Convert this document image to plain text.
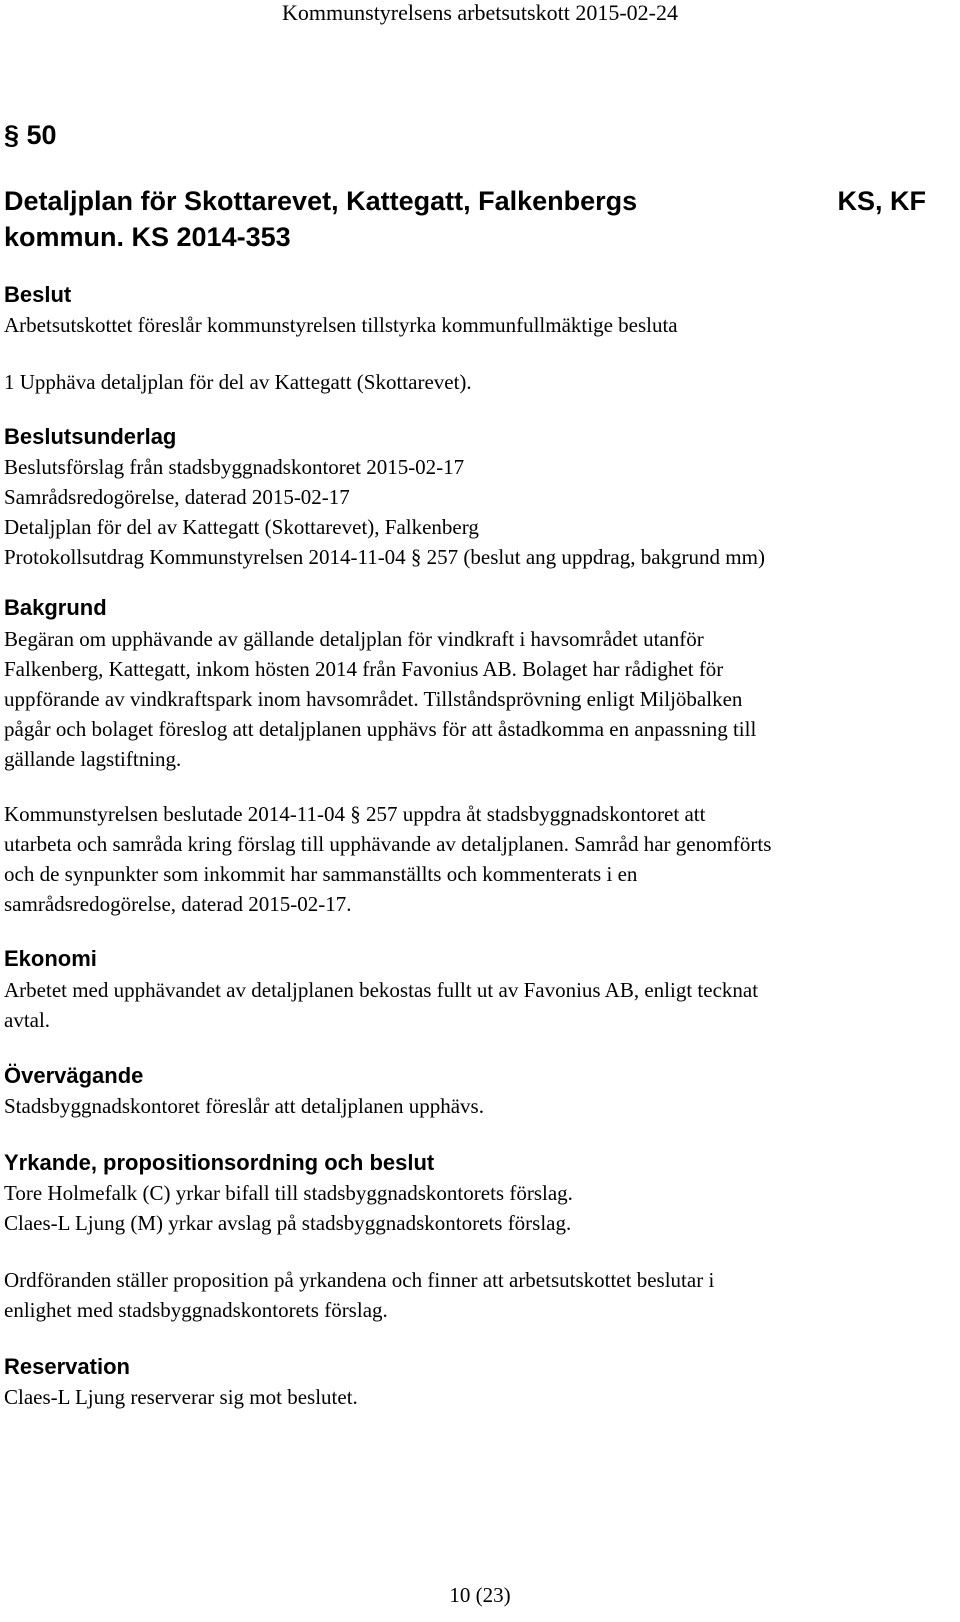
Kommunstyrelsens arbetsutskott 2015-02-24
§ 50
Detaljplan för Skottarevet, Kattegatt, Falkenbergs
kommun. KS 2014-353
KS, KF
Beslut
Arbetsutskottet föreslår kommunstyrelsen tillstyrka kommunfullmäktige besluta
1 Upphäva detaljplan för del av Kattegatt (Skottarevet).
Beslutsunderlag
Beslutsförslag från stadsbyggnadskontoret 2015-02-17
Samrådsredogörelse, daterad 2015-02-17
Detaljplan för del av Kattegatt (Skottarevet), Falkenberg
Protokollsutdrag Kommunstyrelsen 2014-11-04 § 257 (beslut ang uppdrag, bakgrund mm)
Bakgrund
Begäran om upphävande av gällande detaljplan för vindkraft i havsområdet utanför
Falkenberg, Kattegatt, inkom hösten 2014 från Favonius AB. Bolaget har rådighet för
uppförande av vindkraftspark inom havsområdet. Tillståndsprövning enligt Miljöbalken
pågår och bolaget föreslog att detaljplanen upphävs för att åstadkomma en anpassning till
gällande lagstiftning.
Kommunstyrelsen beslutade 2014-11-04 § 257 uppdra åt stadsbyggnadskontoret att
utarbeta och samråda kring förslag till upphävande av detaljplanen. Samråd har genomförts
och de synpunkter som inkommit har sammanställts och kommenterats i en
samrådsredogörelse, daterad 2015-02-17.
Ekonomi
Arbetet med upphävandet av detaljplanen bekostas fullt ut av Favonius AB, enligt tecknat
avtal.
Övervägande
Stadsbyggnadskontoret föreslår att detaljplanen upphävs.
Yrkande, propositionsordning och beslut
Tore Holmefalk (C) yrkar bifall till stadsbyggnadskontorets förslag.
Claes-L Ljung (M) yrkar avslag på stadsbyggnadskontorets förslag.
Ordföranden ställer proposition på yrkandena och finner att arbetsutskottet beslutar i
enlighet med stadsbyggnadskontorets förslag.
Reservation
Claes-L Ljung reserverar sig mot beslutet.
10 (23)
